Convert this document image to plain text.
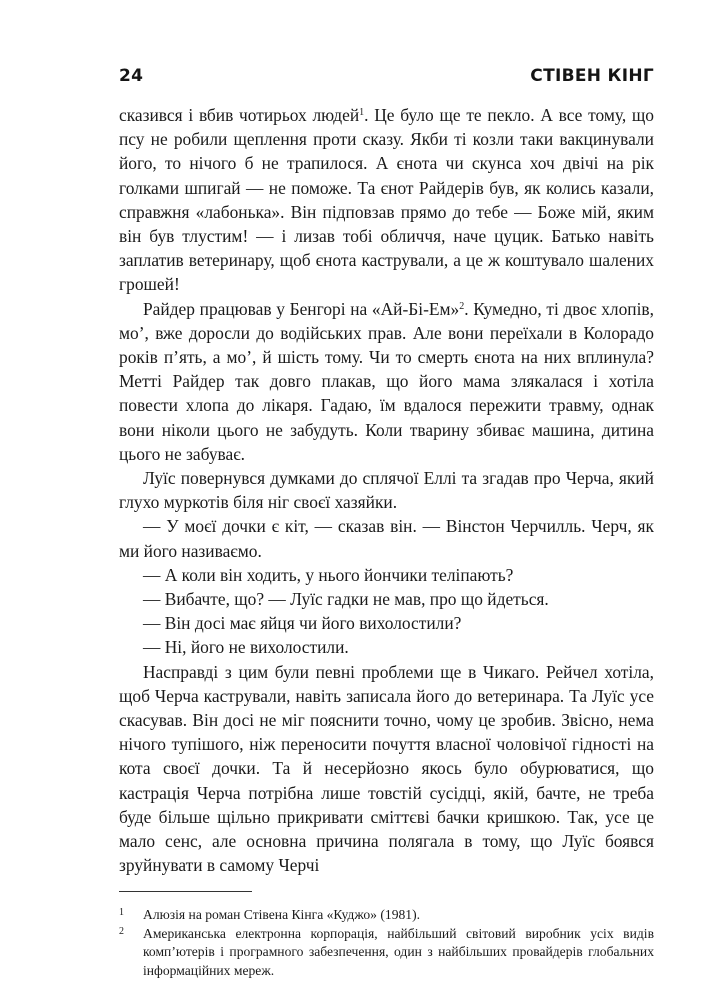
24	СТІВЕН КІНГ

сказився і вбив чотирьох людей$^1$. Це було ще те пекло. А все тому, що псу не робили щеплення проти сказу. Якби ті козли таки вакцинували його, то нічого б не трапилося. А єнота чи скунса хоч двічі на рік голками шпигай — не поможе. Та єнот Райдерів був, як колись казали, справжня «лабонька». Він підповзав прямо до тебе — Боже мій, яким він був тлустим! — і лизав тобі обличчя, наче цуцик. Батько навіть заплатив ветеринару, щоб єнота кастрували, а це ж коштувало шалених грошей!

Райдер працював у Бенгорі на «Ай-Бі-Ем»$^2$. Кумедно, ті двоє хлопів, мо’, вже доросли до водійських прав. Але вони переїхали в Колорадо років п’ять, а мо’, й шість тому. Чи то смерть єнота на них вплинула? Метті Райдер так довго плакав, що його мама злякалася і хотіла повести хлопа до лікаря. Гадаю, їм вдалося пережити травму, однак вони ніколи цього не забудуть. Коли тварину збиває машина, дитина цього не забуває.

Луїс повернувся думками до сплячої Еллі та згадав про Черча, який глухо муркотів біля ніг своєї хазяйки.

— У моєї дочки є кіт, — сказав він. — Вінстон Черчилль. Черч, як ми його називаємо.

— А коли він ходить, у нього йончики теліпають?

— Вибачте, що? — Луїс гадки не мав, про що йдеться.

— Він досі має яйця чи його вихолостили?

— Ні, його не вихолостили.

Насправді з цим були певні проблеми ще в Чикаго. Рейчел хотіла, щоб Черча кастрували, навіть записала його до ветеринара. Та Луїс усе скасував. Він досі не міг пояснити точно, чому це зробив. Звісно, нема нічого тупішого, ніж переносити почуття власної чоловічої гідності на кота своєї дочки. Та й несерйозно якось було обурюватися, що кастрація Черча потрібна лише товстій сусідці, якій, бачте, не треба буде більше щільно прикривати сміттєві бачки кришкою. Так, усе це мало сенс, але основна причина полягала в тому, що Луїс боявся зруйнувати в самому Черчі

1 Алюзія на роман Стівена Кінга «Куджо» (1981).
2 Американська електронна корпорація, найбільший світовий виробник усіх видів комп’ютерів і програмного забезпечення, один з найбільших провайдерів глобальних інформаційних мереж.
